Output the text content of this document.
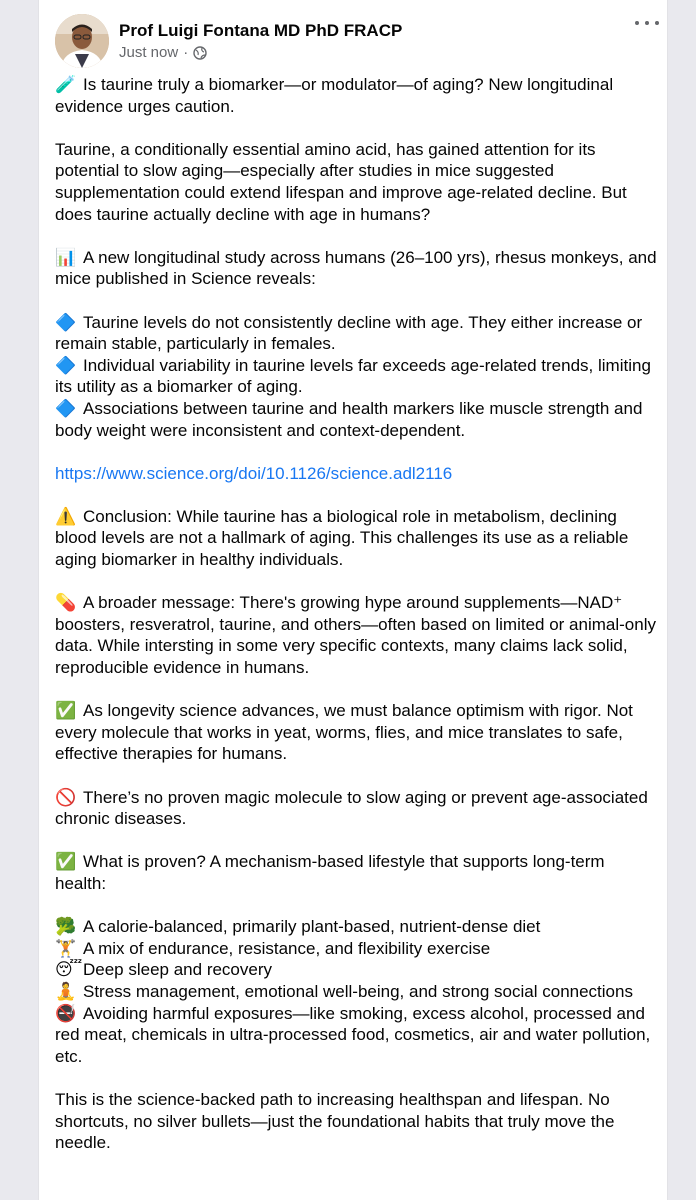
Prof Luigi Fontana MD PhD FRACP
Just now ·

🧪 Is taurine truly a biomarker—or modulator—of aging? New longitudinal evidence urges caution.

Taurine, a conditionally essential amino acid, has gained attention for its potential to slow aging—especially after studies in mice suggested supplementation could extend lifespan and improve age-related decline. But does taurine actually decline with age in humans?

📊 A new longitudinal study across humans (26–100 yrs), rhesus monkeys, and mice published in Science reveals:

🔷 Taurine levels do not consistently decline with age. They either increase or remain stable, particularly in females.
🔷 Individual variability in taurine levels far exceeds age-related trends, limiting its utility as a biomarker of aging.
🔷 Associations between taurine and health markers like muscle strength and body weight were inconsistent and context-dependent.

https://www.science.org/doi/10.1126/science.adl2116

⚠️ Conclusion: While taurine has a biological role in metabolism, declining blood levels are not a hallmark of aging. This challenges its use as a reliable aging biomarker in healthy individuals.

💊 A broader message: There's growing hype around supplements—NAD⁺ boosters, resveratrol, taurine, and others—often based on limited or animal-only data. While intersting in some very specific contexts, many claims lack solid, reproducible evidence in humans.

✅ As longevity science advances, we must balance optimism with rigor. Not every molecule that works in yeat, worms, flies, and mice translates to safe, effective therapies for humans.

🚫 There’s no proven magic molecule to slow aging or prevent age-associated chronic diseases.

✅ What is proven? A mechanism-based lifestyle that supports long-term health:

🥦 A calorie-balanced, primarily plant-based, nutrient-dense diet
🏋️ A mix of endurance, resistance, and flexibility exercise
😴Deep sleep and recovery
🧘 Stress management, emotional well-being, and strong social connections
🚭 Avoiding harmful exposures—like smoking, excess alcohol, processed and red meat, chemicals in ultra-processed food, cosmetics, air and water pollution, etc.

This is the science-backed path to increasing healthspan and lifespan. No shortcuts, no silver bullets—just the foundational habits that truly move the needle.
